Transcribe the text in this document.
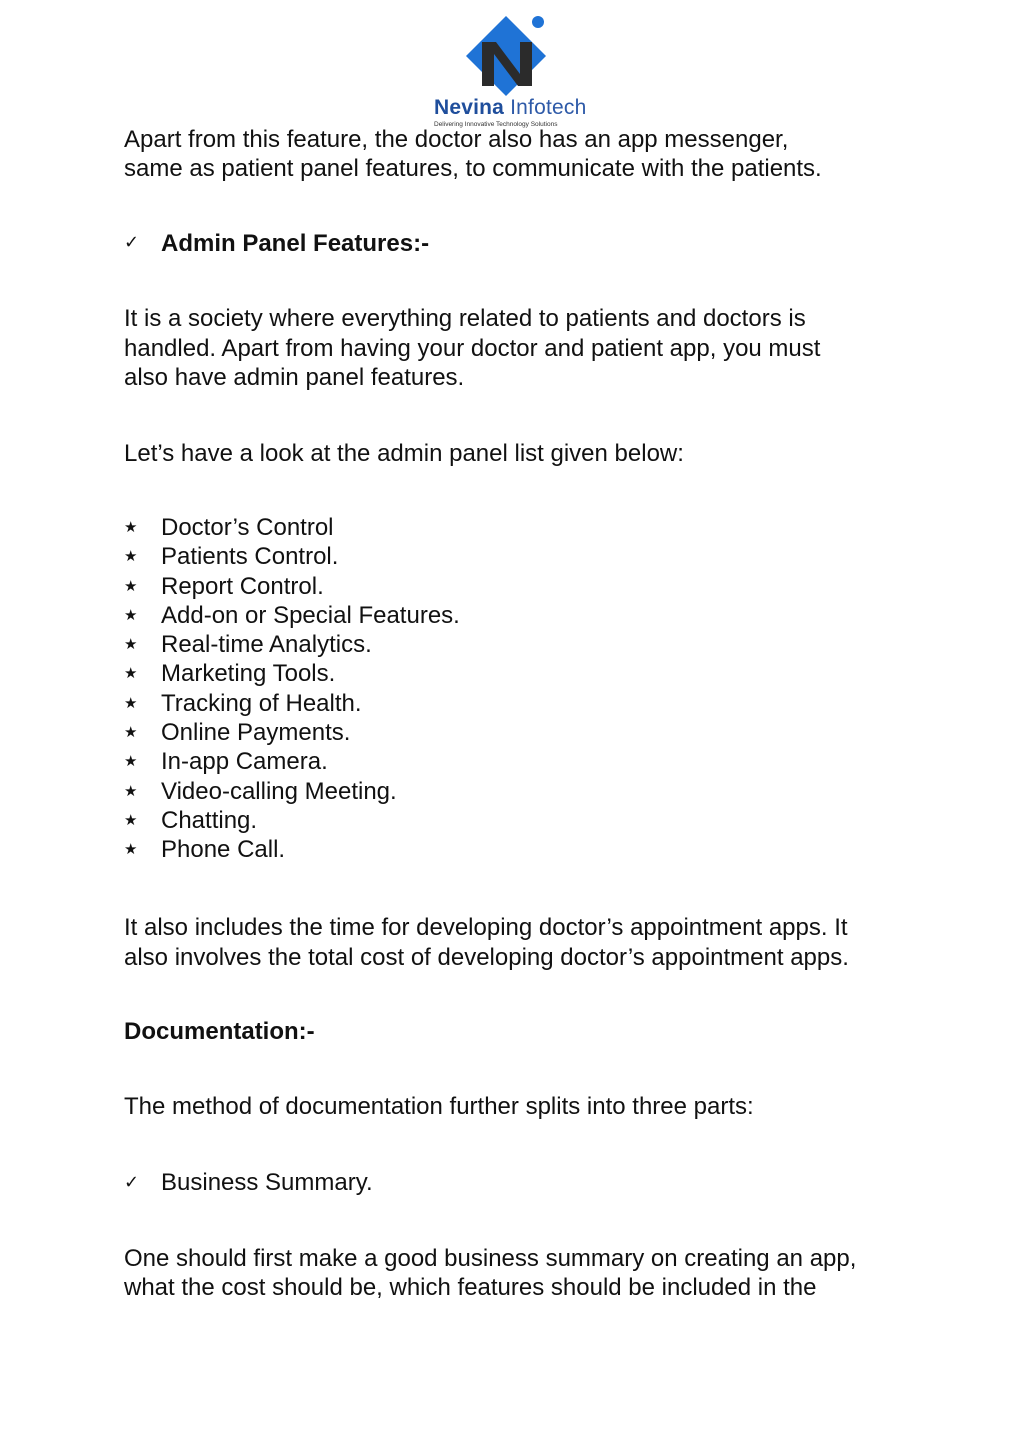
Nevina Infotech
Delivering Innovative Technology Solutions

Apart from this feature, the doctor also has an app messenger,

same as patient panel features, to communicate with the patients.

✓ Admin Panel Features:-

It is a society where everything related to patients and doctors is

handled. Apart from having your doctor and patient app, you must

also have admin panel features.

Let’s have a look at the admin panel list given below:

★ Doctor’s Control
★ Patients Control.
★ Report Control.
★ Add-on or Special Features.
★ Real-time Analytics.
★ Marketing Tools.
★ Tracking of Health.
★ Online Payments.
★ In-app Camera.
★ Video-calling Meeting.
★ Chatting.
★ Phone Call.

It also includes the time for developing doctor’s appointment apps. It

also involves the total cost of developing doctor’s appointment apps.

Documentation:-

The method of documentation further splits into three parts:

✓ Business Summary.

One should first make a good business summary on creating an app,

what the cost should be, which features should be included in the
